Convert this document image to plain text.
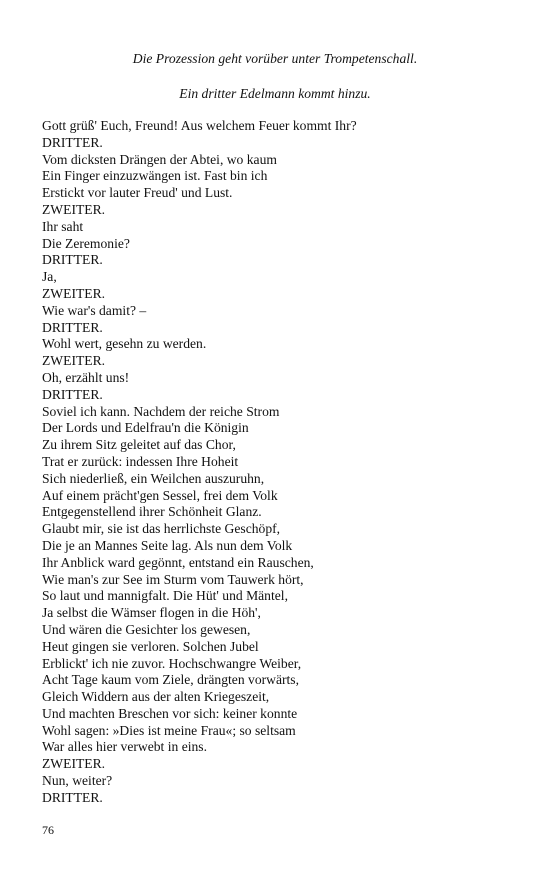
Die Prozession geht vorüber unter Trompetenschall.
Ein dritter Edelmann kommt hinzu.
Gott grüß' Euch, Freund! Aus welchem Feuer kommt Ihr?
DRITTER.
Vom dicksten Drängen der Abtei, wo kaum
Ein Finger einzuzwängen ist. Fast bin ich
Erstickt vor lauter Freud' und Lust.
ZWEITER.
Ihr saht
Die Zeremonie?
DRITTER.
Ja,
ZWEITER.
Wie war's damit? –
DRITTER.
Wohl wert, gesehn zu werden.
ZWEITER.
Oh, erzählt uns!
DRITTER.
Soviel ich kann. Nachdem der reiche Strom
Der Lords und Edelfrau'n die Königin
Zu ihrem Sitz geleitet auf das Chor,
Trat er zurück: indessen Ihre Hoheit
Sich niederließ, ein Weilchen auszuruhn,
Auf einem prächt'gen Sessel, frei dem Volk
Entgegenstellend ihrer Schönheit Glanz.
Glaubt mir, sie ist das herrlichste Geschöpf,
Die je an Mannes Seite lag. Als nun dem Volk
Ihr Anblick ward gegönnt, entstand ein Rauschen,
Wie man's zur See im Sturm vom Tauwerk hört,
So laut und mannigfalt. Die Hüt' und Mäntel,
Ja selbst die Wämser flogen in die Höh',
Und wären die Gesichter los gewesen,
Heut gingen sie verloren. Solchen Jubel
Erblickt' ich nie zuvor. Hochschwangre Weiber,
Acht Tage kaum vom Ziele, drängten vorwärts,
Gleich Widdern aus der alten Kriegeszeit,
Und machten Breschen vor sich: keiner konnte
Wohl sagen: »Dies ist meine Frau«; so seltsam
War alles hier verwebt in eins.
ZWEITER.
Nun, weiter?
DRITTER.
76
